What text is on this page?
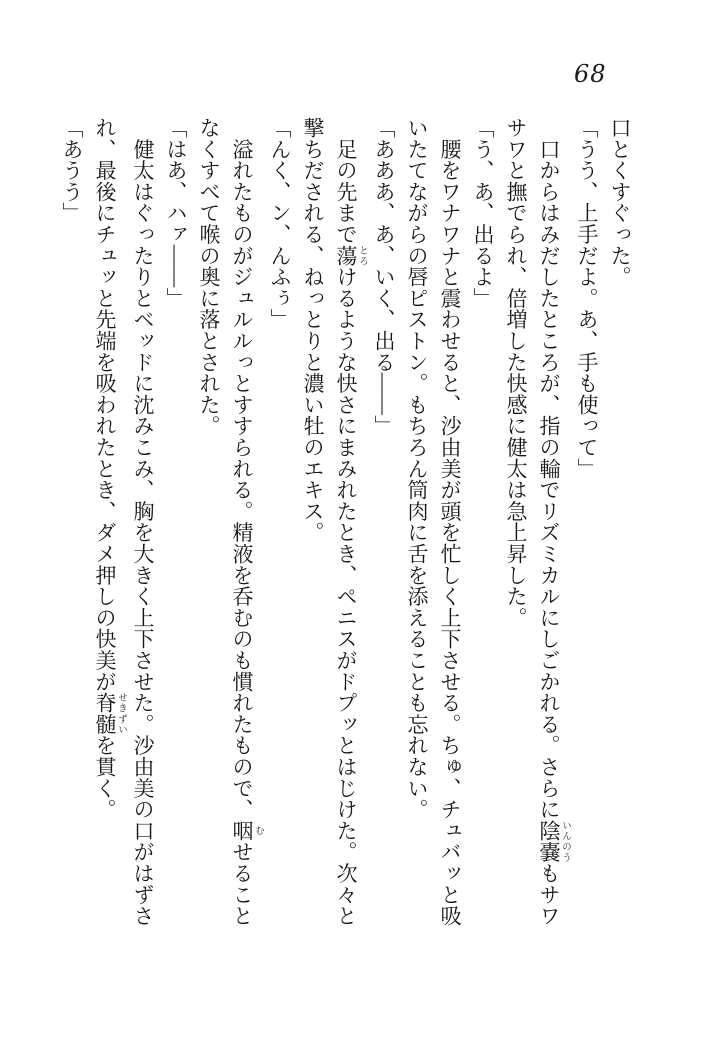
68

口とくすぐった。

「うう、上手だよ。あ、手も使って」

　口からはみだしたところが、指の輪でリズミカルにしごかれる。さらに陰嚢 いんのうもサワ

サワと撫でられ、倍増した快感に健太は急上昇した。

「う、あ、出るよ」

　腰をワナワナと震わせると、沙由美が頭を忙しく上下させる。ちゅ、チュバッと吸

いたてながらの唇ピストン。もちろん筒肉に舌を添えることも忘れない。

「あああ、あ、いく、出る——」

　足の先まで蕩 とろけるような快さにまみれたとき、ペニスがドプッとはじけた。次々と

撃ちだされる、ねっとりと濃い牡のエキス。

「んく、ン、んふぅ」

　溢れたものがジュルルっとすすられる。精液を呑むのも慣れたもので、咽 むせること

なくすべて喉の奥に落とされた。

「はあ、ハァ——」

　健太はぐったりとベッドに沈みこみ、胸を大きく上下させた。沙由美の口がはずさ

れ、最後にチュッと先端を吸われたとき、ダメ押しの快美が脊髄 せきずいを貫く。

「あうう」
